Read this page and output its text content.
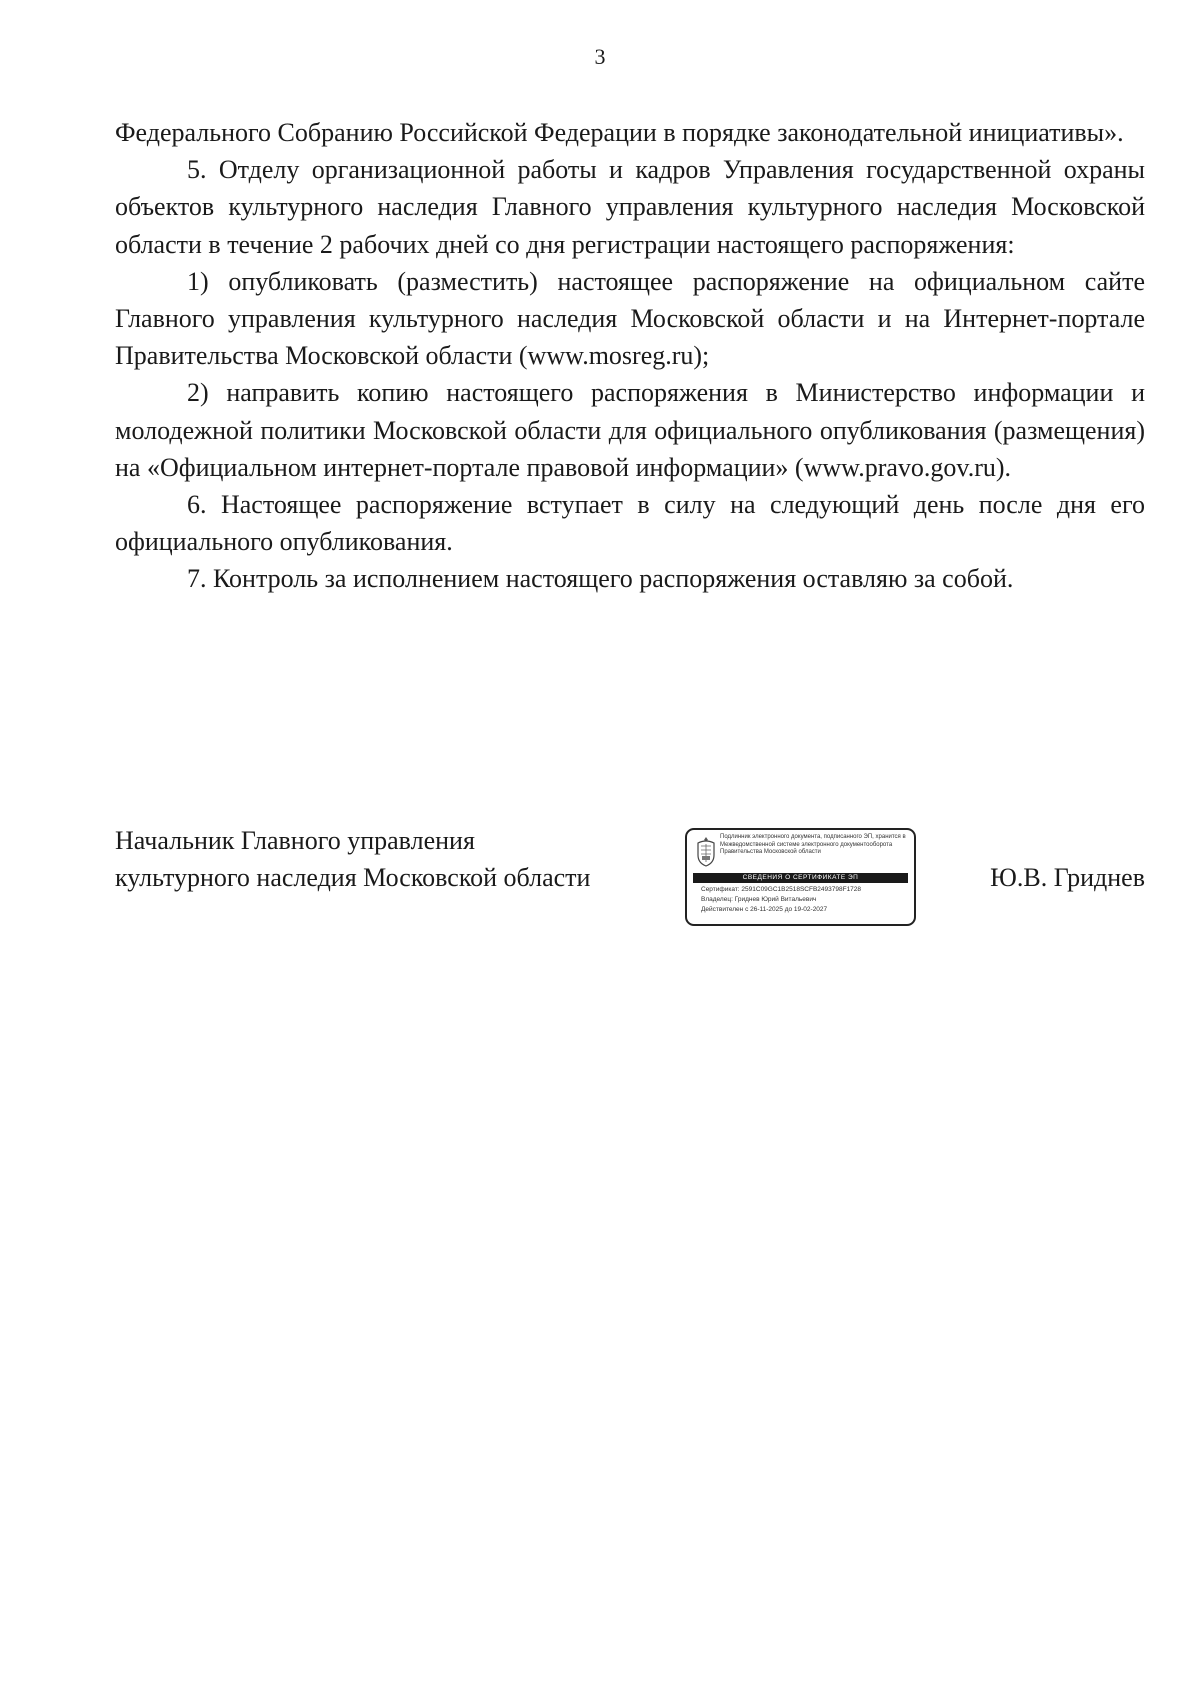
3

Федерального Собранию Российской Федерации в порядке законодательной инициативы».

5. Отделу организационной работы и кадров Управления государственной охраны объектов культурного наследия Главного управления культурного наследия Московской области в течение 2 рабочих дней со дня регистрации настоящего распоряжения:

1) опубликовать (разместить) настоящее распоряжение на официальном сайте Главного управления культурного наследия Московской области и на Интернет-портале Правительства Московской области (www.mosreg.ru);

2) направить копию настоящего распоряжения в Министерство информации и молодежной политики Московской области для официального опубликования (размещения) на «Официальном интернет-портале правовой информации» (www.pravo.gov.ru).

6. Настоящее распоряжение вступает в силу на следующий день после дня его официального опубликования.

7. Контроль за исполнением настоящего распоряжения оставляю за собой.

Начальник Главного управления
культурного наследия Московской области
Подлинник электронного документа, подписанного ЭП, хранится в Межведомственной системе электронного документооборота Правительства Московской области
СВЕДЕНИЯ О СЕРТИФИКАТЕ ЭП
Сертификат: 2591C09GC1B2518SCFB2493798F1728
Владелец: Гриднев Юрий Витальевич
Действителен с 26-11-2025 до 19-02-2027
Ю.В. Гриднев
